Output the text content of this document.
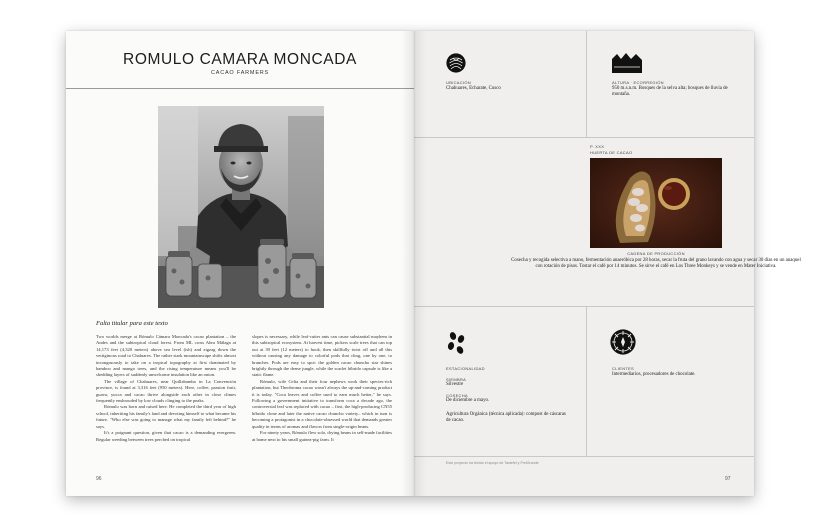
ROMULO CAMARA MONCADA
CACAO FARMERS
Falta titular para este texto

Two worlds merge at Rómulo Cámara Moncada's cacao plantation – the Andes and the subtropical cloud forest. From ML cross Abra Málaga at 14,173 feet (4,320 meters) above sea level (ish) and zigzag down the vertiginous road to Chaluares. The rather stark mountainscape shifts almost incongruously to take on a tropical topography at first dominated by bamboo and mango trees, and the rising temperature means you'll be shedding layers of suddenly unwelcome insulation like an onion.

The village of Chahuares, near Quillabamba in La Convención province, is found at 3,316 feet (950 meters). Here, coffee, passion fruit, guava, yucca and cacao thrive alongside each other in close climes frequently enshrouded by low clouds clinging to the peaks.

Rómulo was born and raised here. He completed the third year of high school, inheriting his family's land and devoting himself to what became his future. "Who else was going to manage what my family left behind?" he says.

It's a poignant question, given that cacao is a demanding evergreen. Regular weeding between trees perched on tropical

slopes is necessary, while leaf-cutter ants can cause substantial mayhem in this subtropical ecosystem. At harvest time, pickers scale trees that can top out at 39 feet (12 meters) to hook, then skillfully twist off and all this without causing any damage to colorful pods that cling, one by one, to branches. Pods are easy to spot: the golden cacao chuncho star shines brightly through the dense jungle, while the scarlet híbrido capsule is like a static flame.

Rómulo, wife Celia and their four nephews work their species-rich plantation, but Theobroma cacao wasn't always the up-and-coming product it is today. "Coca leaves and coffee used to earn much better," he says. Following a government initiative to transform coca a decade ago, the controversial leaf was replaced with cacao – first, the high-producing CN55 híbrido clone and later the native cacao chuncho variety– which in turn is becoming a protagonist in a chocolate-obsessed world that demands greater quality in terms of aromas and flavors from single-origin beans.

For ninety years, Rómulo flew solo, drying beans in self-made facilities at home next to his small guinea-pig farm. It

96
UBICACIÓN
Chahuares, Echarate, Cusco
ALTURA · ECORREGIÓN
950 m.s.n.m. Bosques de la selva alta; bosques de lluvia de montaña.
P. XXX
HUERTA DE CACAO
CADENA DE PRODUCCIÓN
Cosecha y recogida selectiva a mano, fermentación anaeróbica por 28 horas, secar la fruta del grano lavando con agua y secar 30 días en un anaquel con rotación de pisos. Tostar el café por 14 minutos. Se sirve el café en Los Three Monkeys y se vende en Mater Iniciativa.
ESTACIONALIDAD
SIEMBRA
Silvestre
COSECHA
De diciembre a mayo.
Agricultura Orgánica (técnica aplicada): compost de cáscaras de cacao.
CLIENTES
Intermediarios, procesadores de chocolate.
Este proyecto ha tenido el apoyo de Tastefel y FreiGrande
97
